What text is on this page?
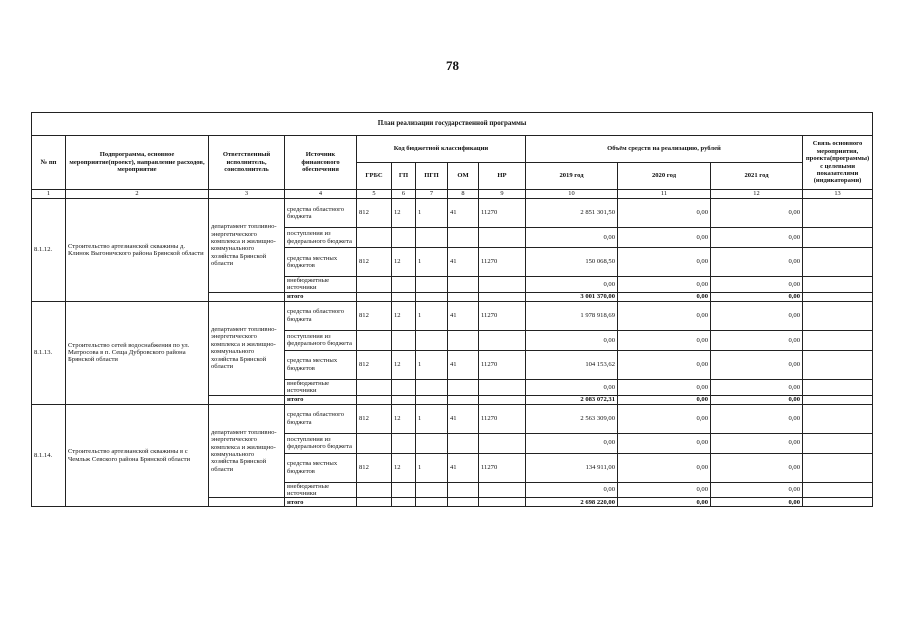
78
План реализации государственной программы												
№ пп	Подпрограмма, основное мероприятие(проект), направление расходов, мероприятие	Ответственный исполнитель, соисполнитель	Источник финансового обеспечения	Код бюджетной классификации					Объём средств на реализацию, рублей			Связь основного мероприятия, проекта(программы) с целевыми показателями (индикаторами)
				ГРБС	ГП	ПГП	ОМ	НР	2019 год	2020 год	2021 год	
1	2	3	4	5	6	7	8	9	10	11	12	13
8.1.12.	Строительство артезианской скважины д. Клинок Выгоничского района Брянской области	департамент топливно-энергетического комплекса и жилищно-коммунального хозяйства Брянской области	средства областного бюджета	812	12	1	41	11270	2 851 301,50	0,00	0,00	
			поступления из федерального бюджета						0,00	0,00	0,00	
			средства местных бюджетов	812	12	1	41	11270	150 068,50	0,00	0,00	
			внебюджетные источники						0,00	0,00	0,00	
			итого						3 001 370,00	0,00	0,00	
8.1.13.	Строительство сетей водоснабжения по ул. Матросова в п. Сеща Дубровского района Брянской области	департамент топливно-энергетического комплекса и жилищно-коммунального хозяйства Брянской области	средства областного бюджета	812	12	1	41	11270	1 978 918,69	0,00	0,00	
			поступления из федерального бюджета						0,00	0,00	0,00	
			средства местных бюджетов	812	12	1	41	11270	104 153,62	0,00	0,00	
			внебюджетные источники						0,00	0,00	0,00	
			итого						2 083 072,31	0,00	0,00	
8.1.14.	Строительство артезианской скважины в с Чемльж Севского района Брянской области	департамент топливно-энергетического комплекса и жилищно-коммунального хозяйства Брянской области	средства областного бюджета	812	12	1	41	11270	2 563 309,00	0,00	0,00	
			поступления из федерального бюджета						0,00	0,00	0,00	
			средства местных бюджетов	812	12	1	41	11270	134 911,00	0,00	0,00	
			внебюджетные источники						0,00	0,00	0,00	
			итого						2 698 220,00	0,00	0,00	
